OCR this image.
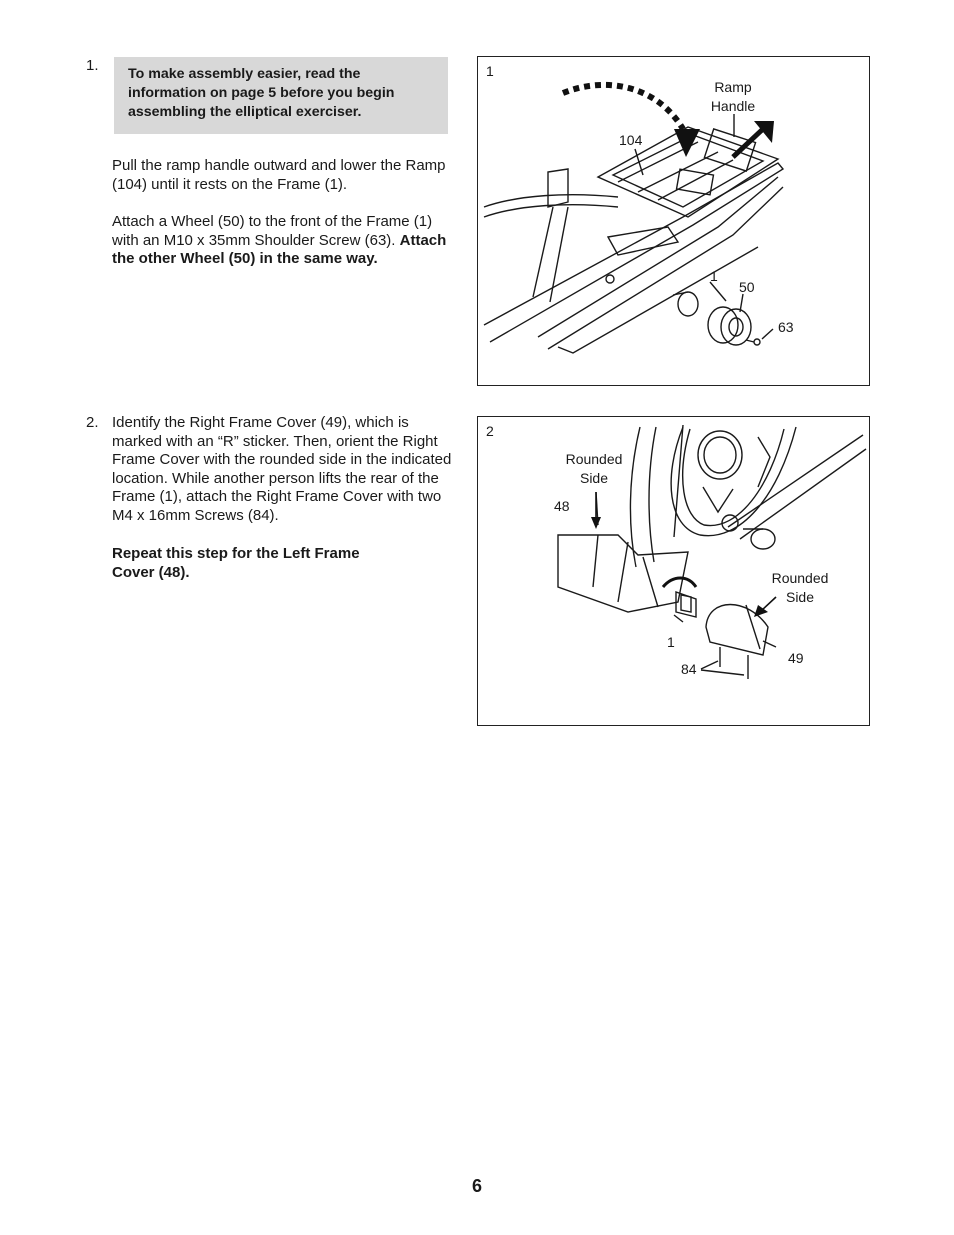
1.	To make assembly easier, read the information on page 5 before you begin assembling the elliptical exerciser.
Pull the ramp handle outward and lower the Ramp (104) until it rests on the Frame (1).
Attach a Wheel (50) to the front of the Frame (1) with an M10 x 35mm Shoulder Screw (63). Attach the other Wheel (50) in the same way.
1
Ramp
Handle
104
1
50
63
2. Identify the Right Frame Cover (49), which is marked with an “R” sticker. Then, orient the Right Frame Cover with the rounded side in the indicated location. While another person lifts the rear of the Frame (1), attach the Right Frame Cover with two M4 x 16mm Screws (84).
Repeat this step for the Left Frame Cover (48).
2
Rounded
Side
48
Rounded
Side
1
84
49
6
